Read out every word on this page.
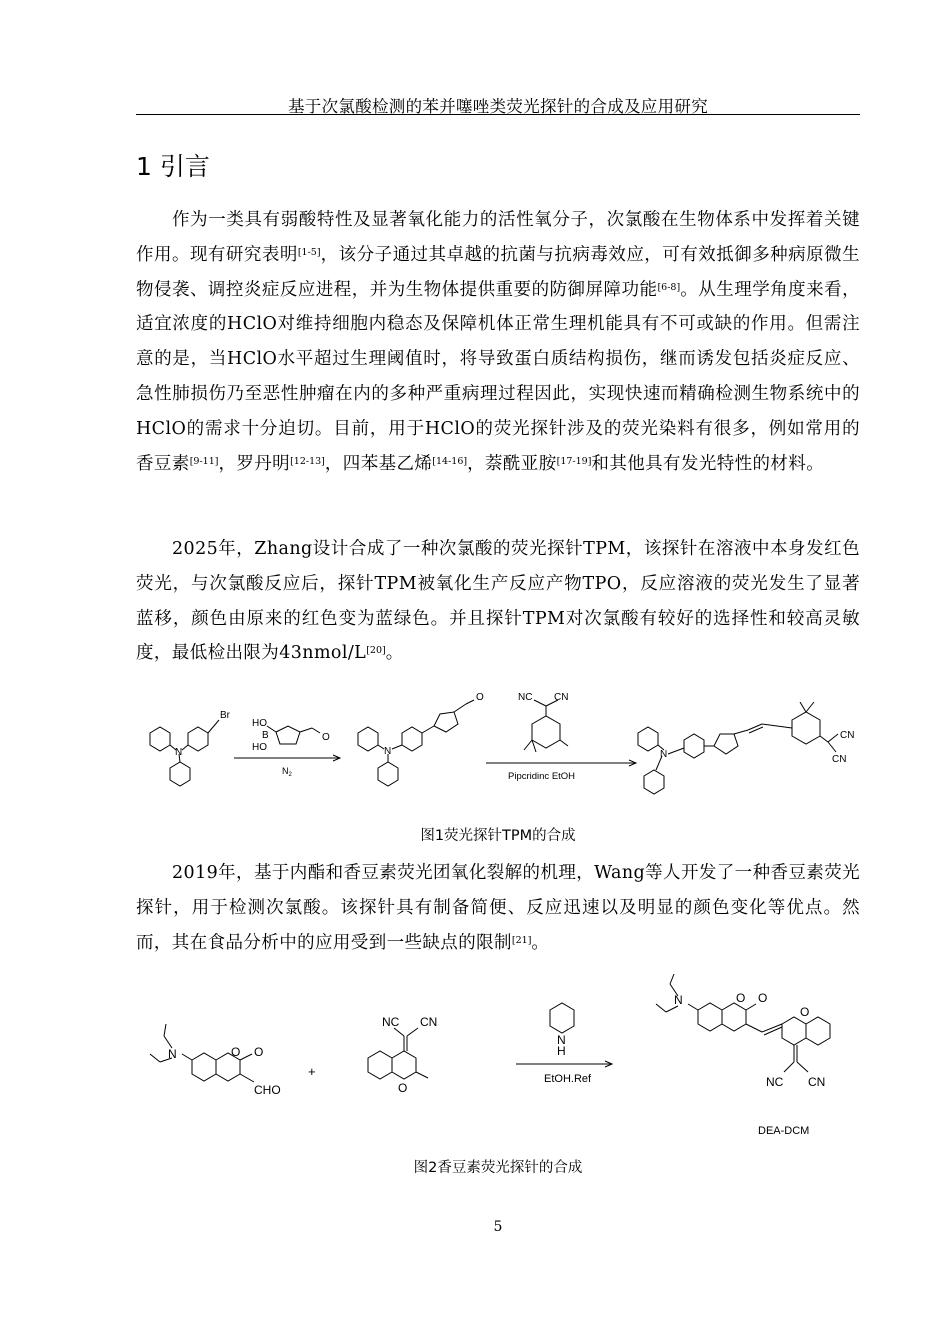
基于次氯酸检测的苯并噻唑类荧光探针的合成及应用研究
1 引言

作为一类具有弱酸特性及显著氧化能力的活性氧分子，次氯酸在生物体系中发挥着关键作用。现有研究表明[1-5]，该分子通过其卓越的抗菌与抗病毒效应，可有效抵御多种病原微生物侵袭、调控炎症反应进程，并为生物体提供重要的防御屏障功能[6-8]。从生理学角度来看，适宜浓度的HClO对维持细胞内稳态及保障机体正常生理机能具有不可或缺的作用。但需注意的是，当HClO水平超过生理阈值时，将导致蛋白质结构损伤，继而诱发包括炎症反应、急性肺损伤乃至恶性肿瘤在内的多种严重病理过程因此，实现快速而精确检测生物系统中的HClO的需求十分迫切。目前，用于HClO的荧光探针涉及的荧光染料有很多，例如常用的香豆素[9-11]，罗丹明[12-13]，四苯基乙烯[14-16]，萘酰亚胺[17-19]和其他具有发光特性的材料。

2025年，Zhang设计合成了一种次氯酸的荧光探针TPM，该探针在溶液中本身发红色荧光，与次氯酸反应后，探针TPM被氧化生产反应产物TPO，反应溶液的荧光发生了显著蓝移，颜色由原来的红色变为蓝绿色。并且探针TPM对次氯酸有较好的选择性和较高灵敏度，最低检出限为43nmol/L[20]。

Br
N
HO
B
HO
O
$N_2$
N
O	NC CN
Pipcridinc EtOH
N
CN
CN
图1荧光探针TPM的合成

2019年，基于内酯和香豆素荧光团氧化裂解的机理，Wang等人开发了一种香豆素荧光探针，用于检测次氯酸。该探针具有制备简便、反应迅速以及明显的颜色变化等优点。然而，其在食品分析中的应用受到一些缺点的限制[21]。

N	O O
CHO
+
NC CN
O
N
H
EtOH.Ref
N	O O
O
NC CN
DEA-DCM
图2香豆素荧光探针的合成
5
